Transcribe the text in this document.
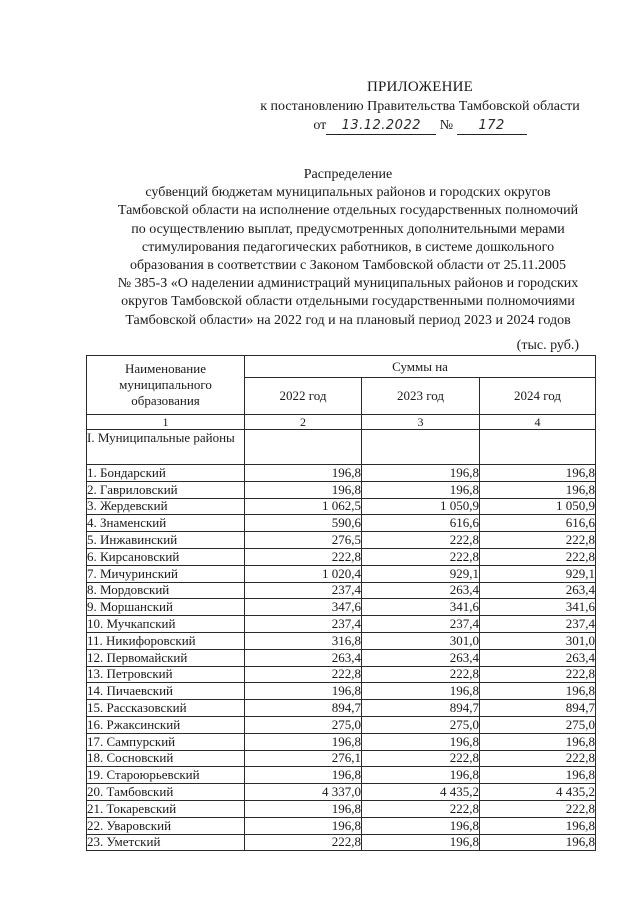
ПРИЛОЖЕНИЕ
к постановлению Правительства Тамбовской области
от 13.12.2022 № 172
Распределение
субвенций бюджетам муниципальных районов и городских округов
Тамбовской области на исполнение отдельных государственных полномочий
по осуществлению выплат, предусмотренных дополнительными мерами
стимулирования педагогических работников, в системе дошкольного
образования в соответствии с Законом Тамбовской области от 25.11.2005
№ 385-З «О наделении администраций муниципальных районов и городских
округов Тамбовской области отдельными государственными полномочиями
Тамбовской области» на 2022 год и на плановый период 2023 и 2024 годов
(тыс. руб.)
Наименование муниципального образования	Суммы на		
	2022 год	2023 год	2024 год
1	2	3	4
I. Муниципальные районы			
1. Бондарский	196,8	196,8	196,8
2. Гавриловский	196,8	196,8	196,8
3. Жердевский	1 062,5	1 050,9	1 050,9
4. Знаменский	590,6	616,6	616,6
5. Инжавинский	276,5	222,8	222,8
6. Кирсановский	222,8	222,8	222,8
7. Мичуринский	1 020,4	929,1	929,1
8. Мордовский	237,4	263,4	263,4
9. Моршанский	347,6	341,6	341,6
10. Мучкапский	237,4	237,4	237,4
11. Никифоровский	316,8	301,0	301,0
12. Первомайский	263,4	263,4	263,4
13. Петровский	222,8	222,8	222,8
14. Пичаевский	196,8	196,8	196,8
15. Рассказовский	894,7	894,7	894,7
16. Ржаксинский	275,0	275,0	275,0
17. Сампурский	196,8	196,8	196,8
18. Сосновский	276,1	222,8	222,8
19. Староюрьевский	196,8	196,8	196,8
20. Тамбовский	4 337,0	4 435,2	4 435,2
21. Токаревский	196,8	222,8	222,8
22. Уваровский	196,8	196,8	196,8
23. Уметский	222,8	196,8	196,8
